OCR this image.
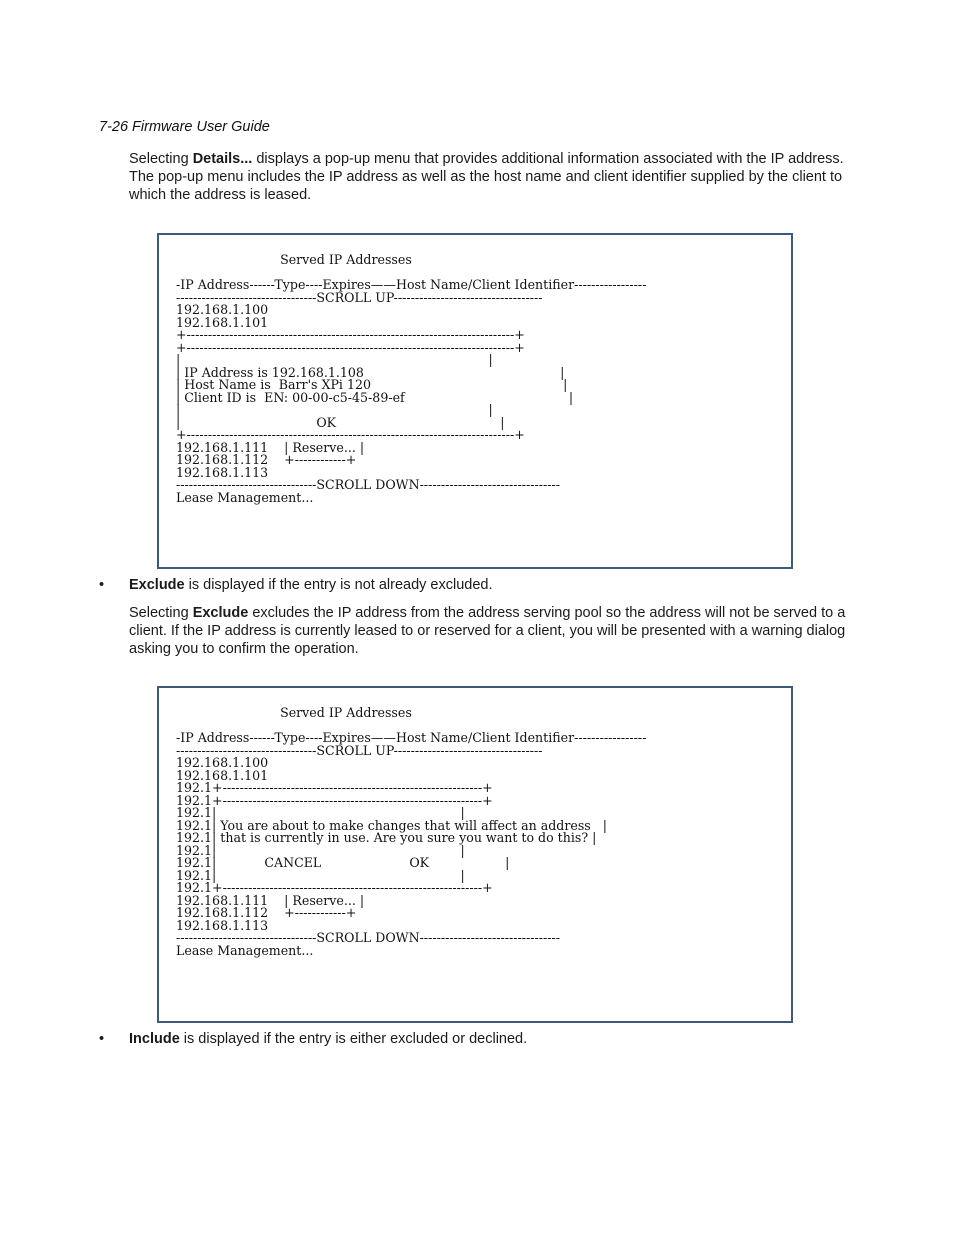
7-26 Firmware User Guide
Selecting Details... displays a pop-up menu that provides additional information associated with the IP address. The pop-up menu includes the IP address as well as the host name and client identifier supplied by the client to which the address is leased.
Served IP Addresses
-IP Address------Type----Expires——Host Name/Client Identifier-----------------
---------------------------------SCROLL UP-----------------------------------
192.168.1.100
192.168.1.101
+-----------------------------------------------------------------------------+
+-----------------------------------------------------------------------------+
|                                                                             |
| IP Address is 192.168.1.108                                                 |
| Host Name is  Barr's XPi 120                                                |
| Client ID is  EN: 00-00-c5-45-89-ef                                         |
|                                                                             |
|                                  OK                                         |
+-----------------------------------------------------------------------------+
192.168.1.111    | Reserve... |
192.168.1.112    +------------+
192.168.1.113
---------------------------------SCROLL DOWN---------------------------------
Lease Management...
• Exclude is displayed if the entry is not already excluded.
Selecting Exclude excludes the IP address from the address serving pool so the address will not be served to a client. If the IP address is currently leased to or reserved for a client, you will be presented with a warning dialog asking you to confirm the operation.
Served IP Addresses
-IP Address------Type----Expires——Host Name/Client Identifier-----------------
---------------------------------SCROLL UP-----------------------------------
192.168.1.100
192.168.1.101
192.1+-------------------------------------------------------------+
192.1+-------------------------------------------------------------+
192.1|                                                             |
192.1| You are about to make changes that will affect an address   |
192.1| that is currently in use. Are you sure you want to do this? |
192.1|                                                             |
192.1|            CANCEL                      OK                   |
192.1|                                                             |
192.1+-------------------------------------------------------------+
192.168.1.111    | Reserve... |
192.168.1.112    +------------+
192.168.1.113
---------------------------------SCROLL DOWN---------------------------------
Lease Management...
• Include is displayed if the entry is either excluded or declined.
